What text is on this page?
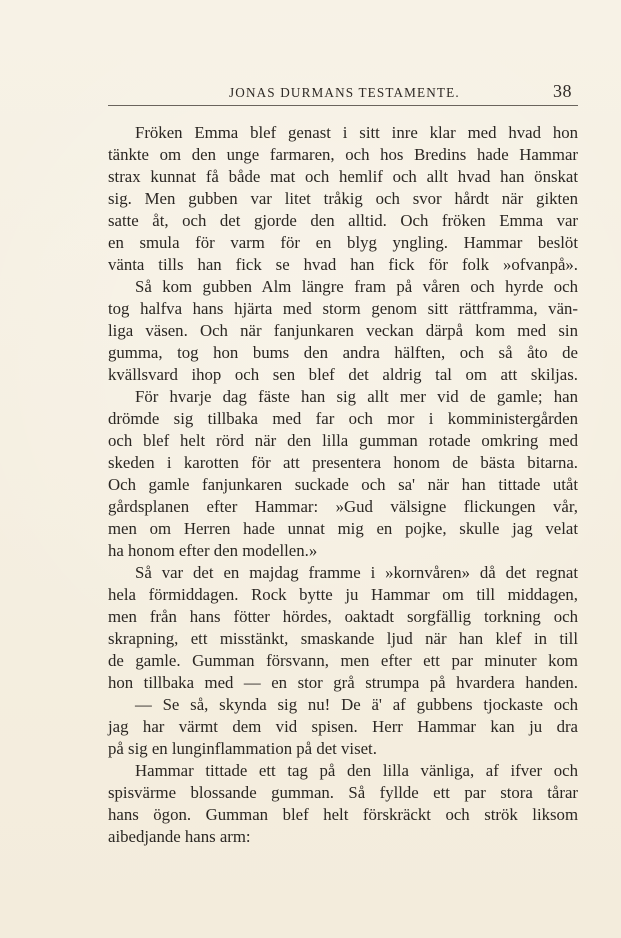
JONAS DURMANS TESTAMENTE.	38
Fröken Emma blef genast i sitt inre klar med hvad hon
tänkte om den unge farmaren, och hos Bredins hade Hammar
strax kunnat få både mat och hemlif och allt hvad han önskat
sig. Men gubben var litet tråkig och svor hårdt när gikten
satte åt, och det gjorde den alltid. Och fröken Emma var
en smula för varm för en blyg yngling. Hammar beslöt
vänta tills han fick se hvad han fick för folk »ofvanpå».
Så kom gubben Alm längre fram på våren och hyrde och
tog halfva hans hjärta med storm genom sitt rättframma, vän-
liga väsen. Och när fanjunkaren veckan därpå kom med sin
gumma, tog hon bums den andra hälften, och så åto de
kvällsvard ihop och sen blef det aldrig tal om att skiljas.
För hvarje dag fäste han sig allt mer vid de gamle; han
drömde sig tillbaka med far och mor i komministergården
och blef helt rörd när den lilla gumman rotade omkring med
skeden i karotten för att presentera honom de bästa bitarna.
Och gamle fanjunkaren suckade och sa' när han tittade utåt
gårdsplanen efter Hammar: »Gud välsigne flickungen vår,
men om Herren hade unnat mig en pojke, skulle jag velat
ha honom efter den modellen.»
Så var det en majdag framme i »kornvåren» då det regnat
hela förmiddagen. Rock bytte ju Hammar om till middagen,
men från hans fötter hördes, oaktadt sorgfällig torkning och
skrapning, ett misstänkt, smaskande ljud när han klef in till
de gamle. Gumman försvann, men efter ett par minuter kom
hon tillbaka med — en stor grå strumpa på hvardera handen.
— Se så, skynda sig nu! De ä' af gubbens tjockaste och
jag har värmt dem vid spisen. Herr Hammar kan ju dra
på sig en lunginflammation på det viset.
Hammar tittade ett tag på den lilla vänliga, af ifver och
spisvärme blossande gumman. Så fyllde ett par stora tårar
hans ögon. Gumman blef helt förskräckt och strök liksom
aibedjande hans arm:
